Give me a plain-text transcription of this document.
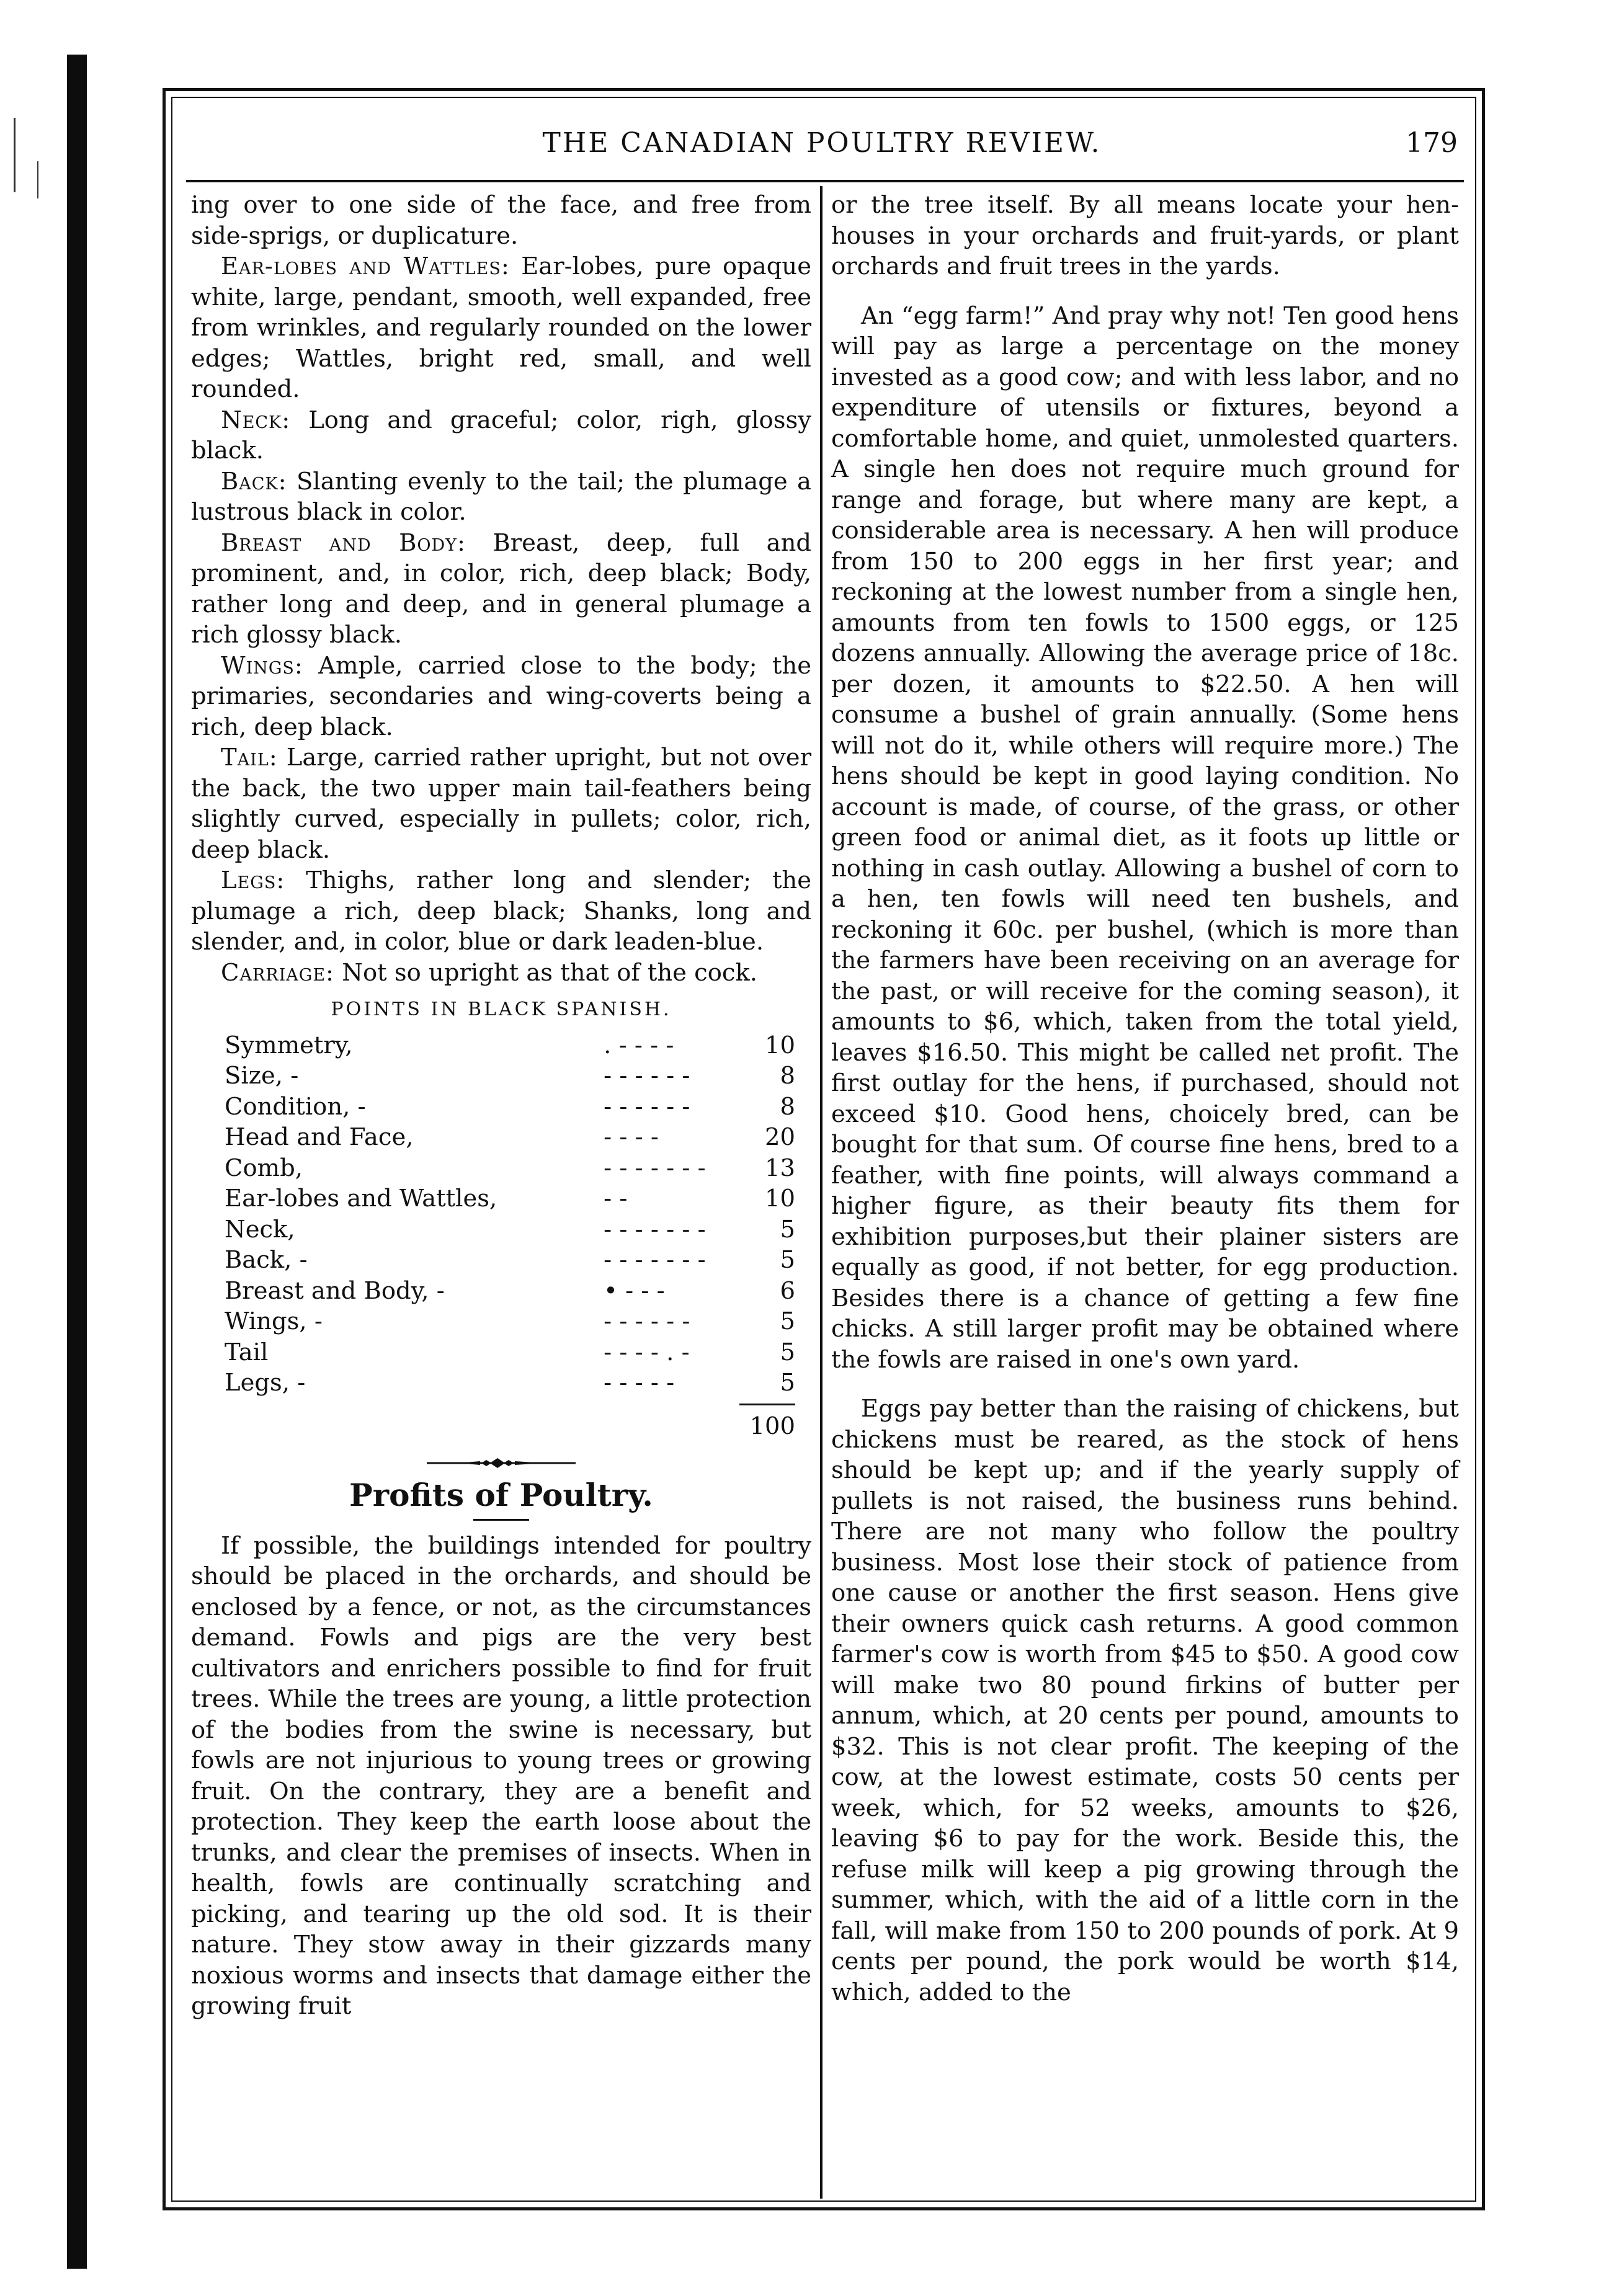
THE CANADIAN POULTRY REVIEW.	179

ing over to one side of the face, and free from side-sprigs, or duplicature.

Ear-lobes and Wattles: Ear-lobes, pure opaque white, large, pendant, smooth, well expanded, free from wrinkles, and regularly rounded on the lower edges; Wattles, bright red, small, and well rounded.

Neck: Long and graceful; color, righ, glossy black.

Back: Slanting evenly to the tail; the plumage a lustrous black in color.

Breast and Body: Breast, deep, full and prominent, and, in color, rich, deep black; Body, rather long and deep, and in general plumage a rich glossy black.

Wings: Ample, carried close to the body; the primaries, secondaries and wing-coverts being a rich, deep black.

Tail: Large, carried rather upright, but not over the back, the two upper main tail-feathers being slightly curved, especially in pullets; color, rich, deep black.

Legs: Thighs, rather long and slender; the plumage a rich, deep black; Shanks, long and slender, and, in color, blue or dark leaden-blue.

Carriage: Not so upright as that of the cock.

POINTS IN BLACK SPANISH.
Symmetry,	. - - - -	10
Size, -	- - - - - -	8
Condition, -	- - - - - -	8
Head and Face,	- - - -	20
Comb,	- - - - - - -	13
Ear-lobes and Wattles,	- -	10
Neck,	- - - - - - -	5
Back, -	- - - - - - -	5
Breast and Body, -	• - - -	6
Wings, -	- - - - - -	5
Tail	- - - - . -	5
Legs, -	- - - - -	5
100
Profits of Poultry.

If possible, the buildings intended for poultry should be placed in the orchards, and should be enclosed by a fence, or not, as the circumstances demand. Fowls and pigs are the very best cultivators and enrichers possible to find for fruit trees. While the trees are young, a little protection of the bodies from the swine is necessary, but fowls are not injurious to young trees or growing fruit. On the contrary, they are a benefit and protection. They keep the earth loose about the trunks, and clear the premises of insects. When in health, fowls are continually scratching and picking, and tearing up the old sod. It is their nature. They stow away in their gizzards many noxious worms and insects that damage either the growing fruit

or the tree itself. By all means locate your hen-houses in your orchards and fruit-yards, or plant orchards and fruit trees in the yards.

An “egg farm!” And pray why not! Ten good hens will pay as large a percentage on the money invested as a good cow; and with less labor, and no expenditure of utensils or fixtures, beyond a comfortable home, and quiet, unmolested quarters. A single hen does not require much ground for range and forage, but where many are kept, a considerable area is necessary. A hen will produce from 150 to 200 eggs in her first year; and reckoning at the lowest number from a single hen, amounts from ten fowls to 1500 eggs, or 125 dozens annually. Allowing the average price of 18c. per dozen, it amounts to $22.50. A hen will consume a bushel of grain annually. (Some hens will not do it, while others will require more.) The hens should be kept in good laying condition. No account is made, of course, of the grass, or other green food or animal diet, as it foots up little or nothing in cash outlay. Allowing a bushel of corn to a hen, ten fowls will need ten bushels, and reckoning it 60c. per bushel, (which is more than the farmers have been receiving on an average for the past, or will receive for the coming season), it amounts to $6, which, taken from the total yield, leaves $16.50. This might be called net profit. The first outlay for the hens, if purchased, should not exceed $10. Good hens, choicely bred, can be bought for that sum. Of course fine hens, bred to a feather, with fine points, will always command a higher figure, as their beauty fits them for exhibition purposes,but their plainer sisters are equally as good, if not better, for egg production. Besides there is a chance of getting a few fine chicks. A still larger profit may be obtained where the fowls are raised in one's own yard.

Eggs pay better than the raising of chickens, but chickens must be reared, as the stock of hens should be kept up; and if the yearly supply of pullets is not raised, the business runs behind. There are not many who follow the poultry business. Most lose their stock of patience from one cause or another the first season. Hens give their owners quick cash returns. A good common farmer's cow is worth from $45 to $50. A good cow will make two 80 pound firkins of butter per annum, which, at 20 cents per pound, amounts to $32. This is not clear profit. The keeping of the cow, at the lowest estimate, costs 50 cents per week, which, for 52 weeks, amounts to $26, leaving $6 to pay for the work. Beside this, the refuse milk will keep a pig growing through the summer, which, with the aid of a little corn in the fall, will make from 150 to 200 pounds of pork. At 9 cents per pound, the pork would be worth $14, which, added to the
